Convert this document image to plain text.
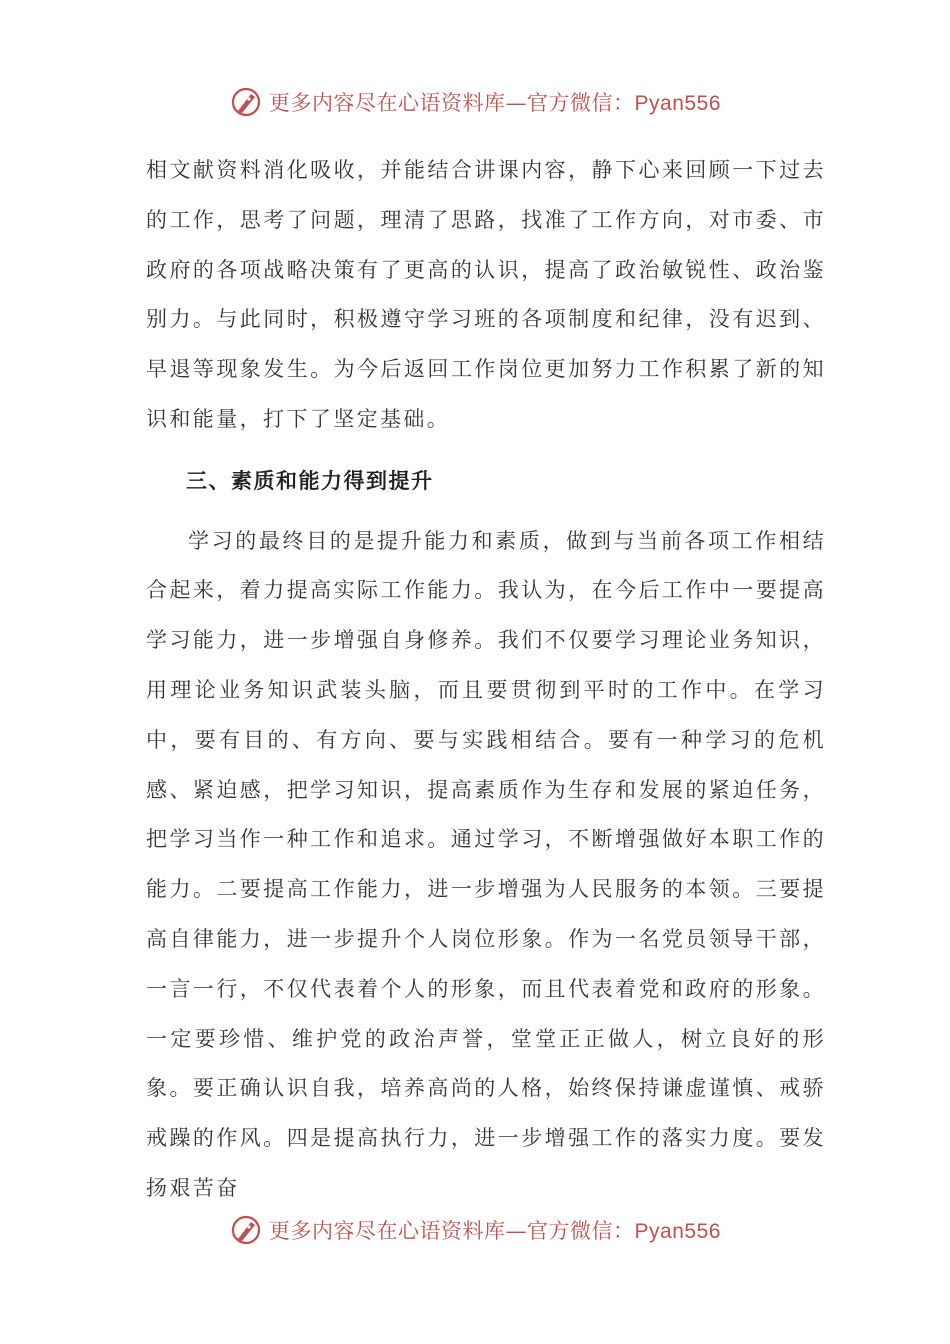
更多内容尽在心语资料库—官方微信：Pyan556

相文献资料消化吸收，并能结合讲课内容，静下心来回顾一下过去的工作，思考了问题，理清了思路，找准了工作方向，对市委、市政府的各项战略决策有了更高的认识，提高了政治敏锐性、政治鉴别力。与此同时，积极遵守学习班的各项制度和纪律，没有迟到、早退等现象发生。为今后返回工作岗位更加努力工作积累了新的知识和能量，打下了坚定基础。

三、素质和能力得到提升

学习的最终目的是提升能力和素质，做到与当前各项工作相结合起来，着力提高实际工作能力。我认为，在今后工作中一要提高学习能力，进一步增强自身修养。我们不仅要学习理论业务知识，用理论业务知识武装头脑，而且要贯彻到平时的工作中。在学习中，要有目的、有方向、要与实践相结合。要有一种学习的危机感、紧迫感，把学习知识，提高素质作为生存和发展的紧迫任务，把学习当作一种工作和追求。通过学习，不断增强做好本职工作的能力。二要提高工作能力，进一步增强为人民服务的本领。三要提高自律能力，进一步提升个人岗位形象。作为一名党员领导干部，一言一行，不仅代表着个人的形象，而且代表着党和政府的形象。一定要珍惜、维护党的政治声誉，堂堂正正做人，树立良好的形象。要正确认识自我，培养高尚的人格，始终保持谦虚谨慎、戒骄戒躁的作风。四是提高执行力，进一步增强工作的落实力度。要发扬艰苦奋

更多内容尽在心语资料库—官方微信：Pyan556
